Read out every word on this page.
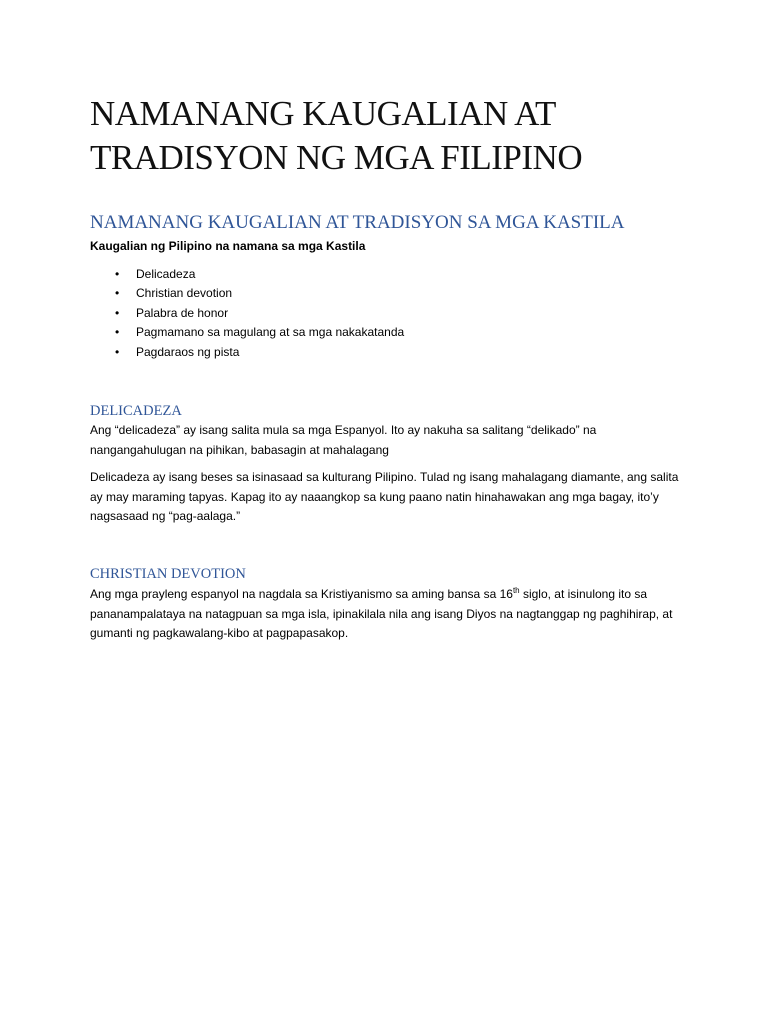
NAMANANG KAUGALIAN AT TRADISYON NG MGA FILIPINO
NAMANANG KAUGALIAN AT TRADISYON SA MGA KASTILA

Kaugalian ng Pilipino na namana sa mga Kastila

• Delicadeza
• Christian devotion
• Palabra de honor
• Pagmamano sa magulang at sa mga nakakatanda
• Pagdaraos ng pista
DELICADEZA

Ang “delicadeza” ay isang salita mula sa mga Espanyol. Ito ay nakuha sa salitang “delikado” na nangangahulugan na pihikan, babasagin at mahalagang

Delicadeza ay isang beses sa isinasaad sa kulturang Pilipino. Tulad ng isang mahalagang diamante, ang salita ay may maraming tapyas. Kapag ito ay naaangkop sa kung paano natin hinahawakan ang mga bagay, ito’y nagsasaad ng “pag-aalaga.”

CHRISTIAN DEVOTION

Ang mga prayleng espanyol na nagdala sa Kristiyanismo sa aming bansa sa 16th siglo, at isinulong ito sa pananampalataya na natagpuan sa mga isla, ipinakilala nila ang isang Diyos na nagtanggap ng paghihirap, at gumanti ng pagkawalang-kibo at pagpapasakop.
